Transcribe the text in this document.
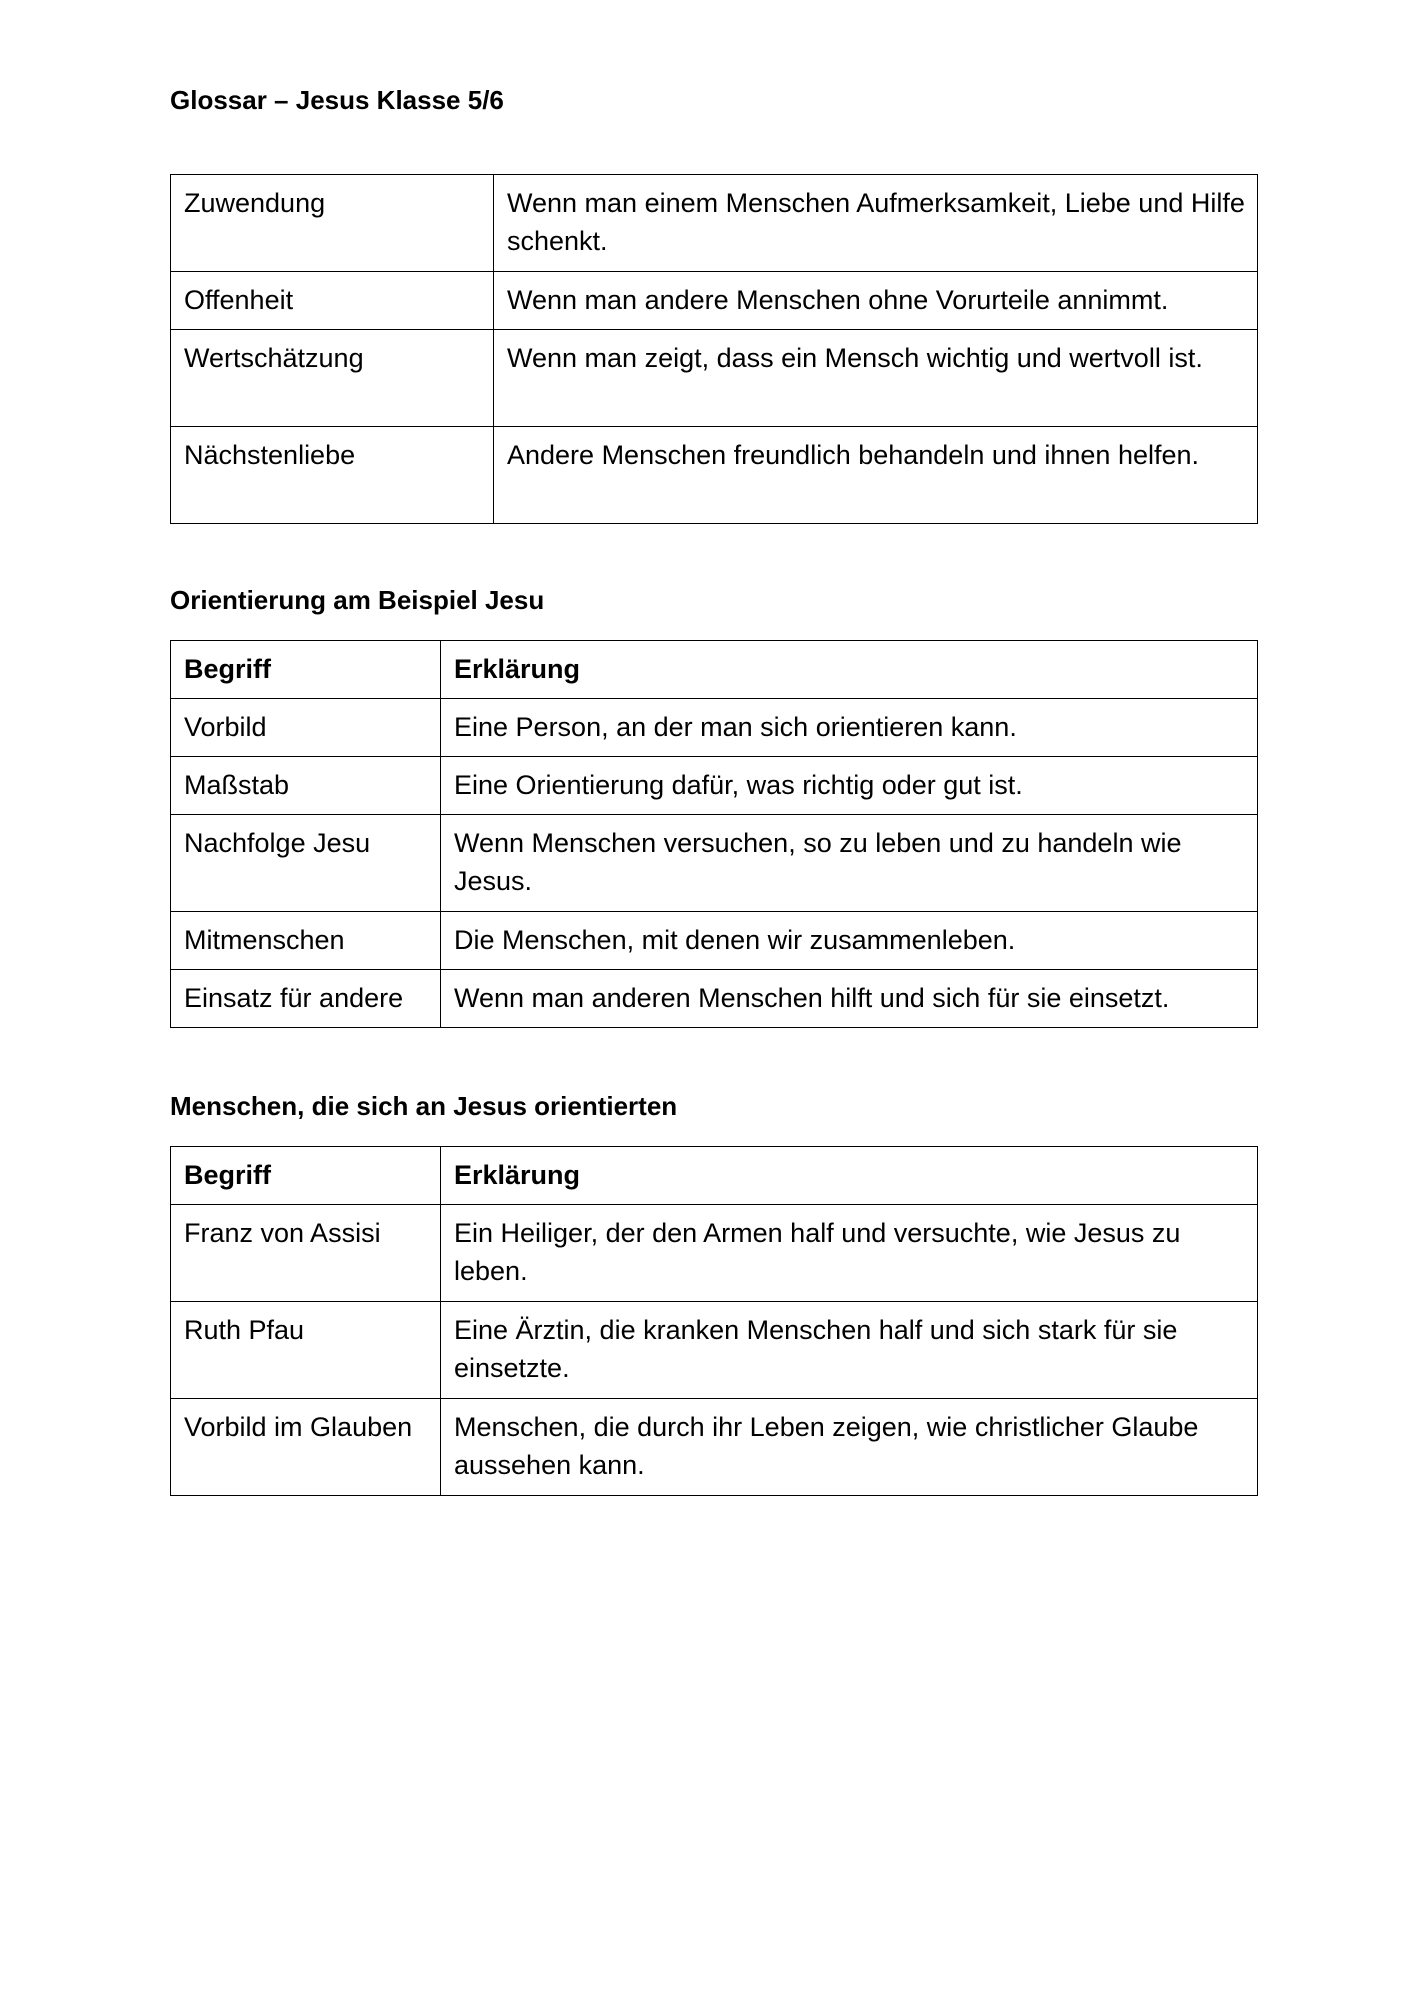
Glossar – Jesus Klasse 5/6
Zuwendung	Wenn man einem Menschen Aufmerksamkeit, Liebe und Hilfe schenkt.
Offenheit	Wenn man andere Menschen ohne Vorurteile annimmt.
Wertschätzung	Wenn man zeigt, dass ein Mensch wichtig und wertvoll ist.
Nächstenliebe	Andere Menschen freundlich behandeln und ihnen helfen.
Orientierung am Beispiel Jesu
Begriff	Erklärung
Vorbild	Eine Person, an der man sich orientieren kann.
Maßstab	Eine Orientierung dafür, was richtig oder gut ist.
Nachfolge Jesu	Wenn Menschen versuchen, so zu leben und zu handeln wie Jesus.
Mitmenschen	Die Menschen, mit denen wir zusammenleben.
Einsatz für andere	Wenn man anderen Menschen hilft und sich für sie einsetzt.
Menschen, die sich an Jesus orientierten
Begriff	Erklärung
Franz von Assisi	Ein Heiliger, der den Armen half und versuchte, wie Jesus zu leben.
Ruth Pfau	Eine Ärztin, die kranken Menschen half und sich stark für sie einsetzte.
Vorbild im Glauben	Menschen, die durch ihr Leben zeigen, wie christlicher Glaube aussehen kann.
